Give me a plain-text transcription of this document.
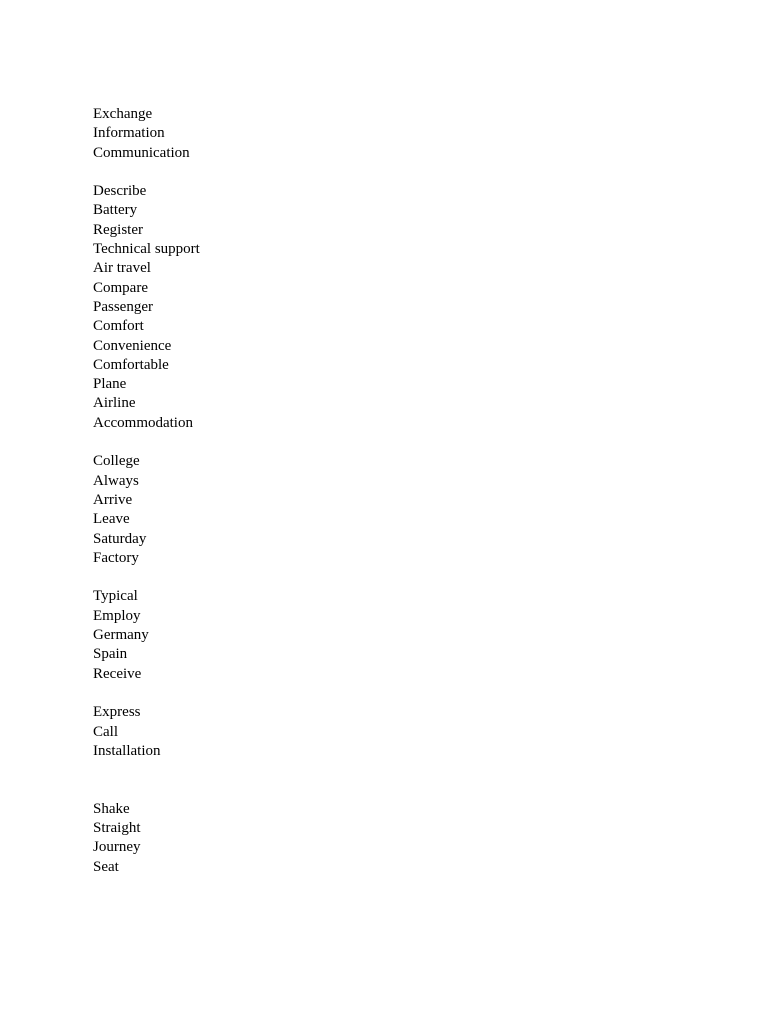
Exchange
Information
Communication
Describe
Battery
Register
Technical support
Air travel
Compare
Passenger
Comfort
Convenience
Comfortable
Plane
Airline
Accommodation
College
Always
Arrive
Leave
Saturday
Factory
Typical
Employ
Germany
Spain
Receive
Express
Call
Installation
Shake
Straight
Journey
Seat
